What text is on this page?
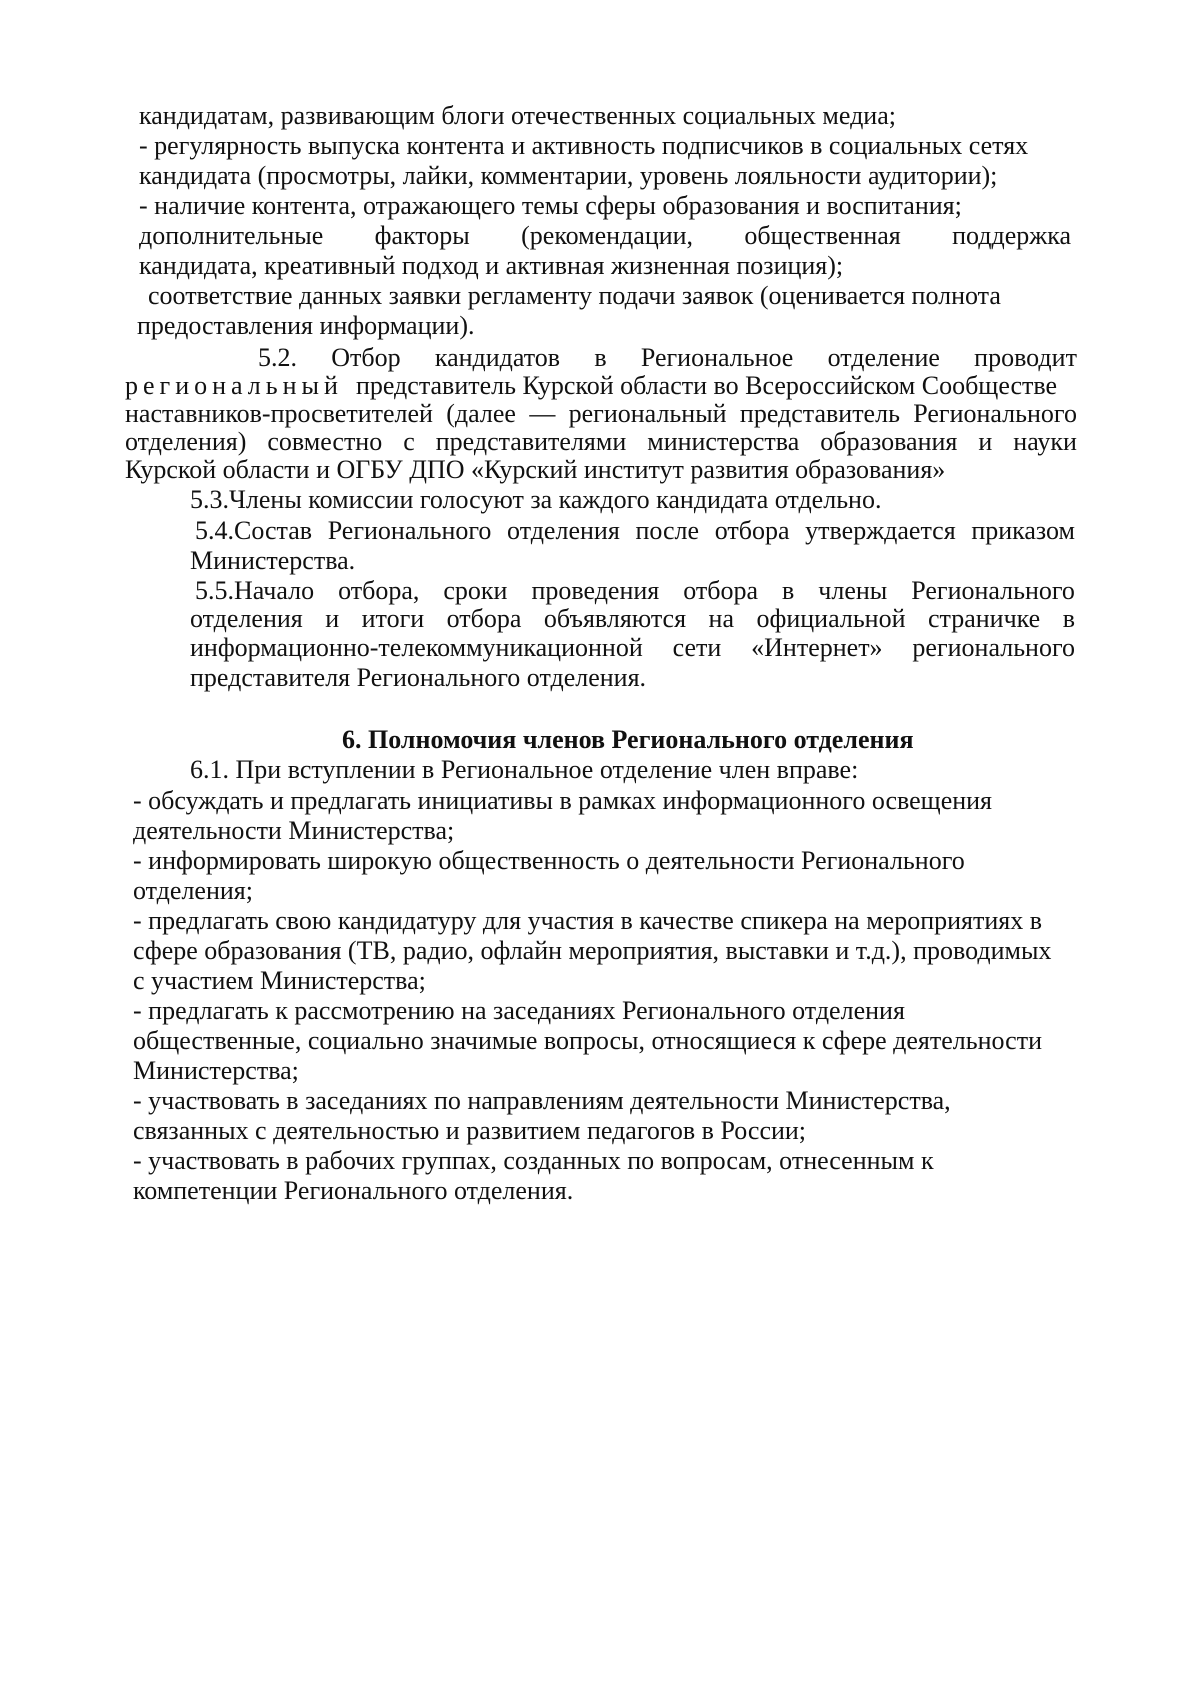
кандидатам, развивающим блоги отечественных социальных медиа;
- регулярность выпуска контента и активность подписчиков в социальных сетях
кандидата (просмотры, лайки, комментарии, уровень лояльности аудитории);
- наличие контента, отражающего темы сферы образования и воспитания;
дополнительные факторы (рекомендации, общественная поддержка
кандидата, креативный подход и активная жизненная позиция);
соответствие данных заявки регламенту подачи заявок (оценивается полнота
предоставления информации).
5.2. Отбор кандидатов в Региональное отделение проводит
региональный представитель Курской области во Всероссийском Сообществе
наставников-просветителей (далее — региональный представитель Регионального
отделения) совместно с представителями министерства образования и науки
Курской области и ОГБУ ДПО «Курский институт развития образования»
5.3.Члены комиссии голосуют за каждого кандидата отдельно.
5.4.Состав Регионального отделения после отбора утверждается приказом
Министерства.
5.5.Начало отбора, сроки проведения отбора в члены Регионального
отделения и итоги отбора объявляются на официальной страничке в
информационно-телекоммуникационной сети «Интернет» регионального
представителя Регионального отделения.
6. Полномочия членов Регионального отделения
6.1. При вступлении в Региональное отделение член вправе:
- обсуждать и предлагать инициативы в рамках информационного освещения
деятельности Министерства;
- информировать широкую общественность о деятельности Регионального
отделения;
- предлагать свою кандидатуру для участия в качестве спикера на мероприятиях в
сфере образования (ТВ, радио, офлайн мероприятия, выставки и т.д.), проводимых
с участием Министерства;
- предлагать к рассмотрению на заседаниях Регионального отделения
общественные, социально значимые вопросы, относящиеся к сфере деятельности
Министерства;
- участвовать в заседаниях по направлениям деятельности Министерства,
связанных с деятельностью и развитием педагогов в России;
- участвовать в рабочих группах, созданных по вопросам, отнесенным к
компетенции Регионального отделения.
